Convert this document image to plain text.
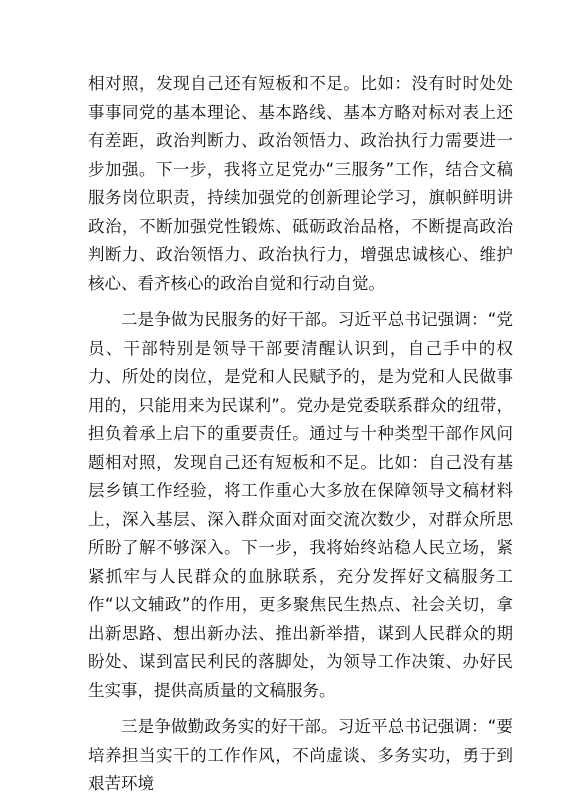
相对照，发现自己还有短板和不足。比如：没有时时处处事事同党的基本理论、基本路线、基本方略对标对表上还有差距，政治判断力、政治领悟力、政治执行力需要进一步加强。下一步，我将立足党办“三服务”工作，结合文稿服务岗位职责，持续加强党的创新理论学习，旗帜鲜明讲政治，不断加强党性锻炼、砥砺政治品格，不断提高政治判断力、政治领悟力、政治执行力，增强忠诚核心、维护核心、看齐核心的政治自觉和行动自觉。

二是争做为民服务的好干部。习近平总书记强调：“党员、干部特别是领导干部要清醒认识到，自己手中的权力、所处的岗位，是党和人民赋予的，是为党和人民做事用的，只能用来为民谋利”。党办是党委联系群众的纽带，担负着承上启下的重要责任。通过与十种类型干部作风问题相对照，发现自己还有短板和不足。比如：自己没有基层乡镇工作经验，将工作重心大多放在保障领导文稿材料上，深入基层、深入群众面对面交流次数少，对群众所思所盼了解不够深入。下一步，我将始终站稳人民立场，紧紧抓牢与人民群众的血脉联系，充分发挥好文稿服务工作“以文辅政”的作用，更多聚焦民生热点、社会关切，拿出新思路、想出新办法、推出新举措，谋到人民群众的期盼处、谋到富民利民的落脚处，为领导工作决策、办好民生实事，提供高质量的文稿服务。

三是争做勤政务实的好干部。习近平总书记强调：“要培养担当实干的工作作风，不尚虚谈、多务实功，勇于到艰苦环境
